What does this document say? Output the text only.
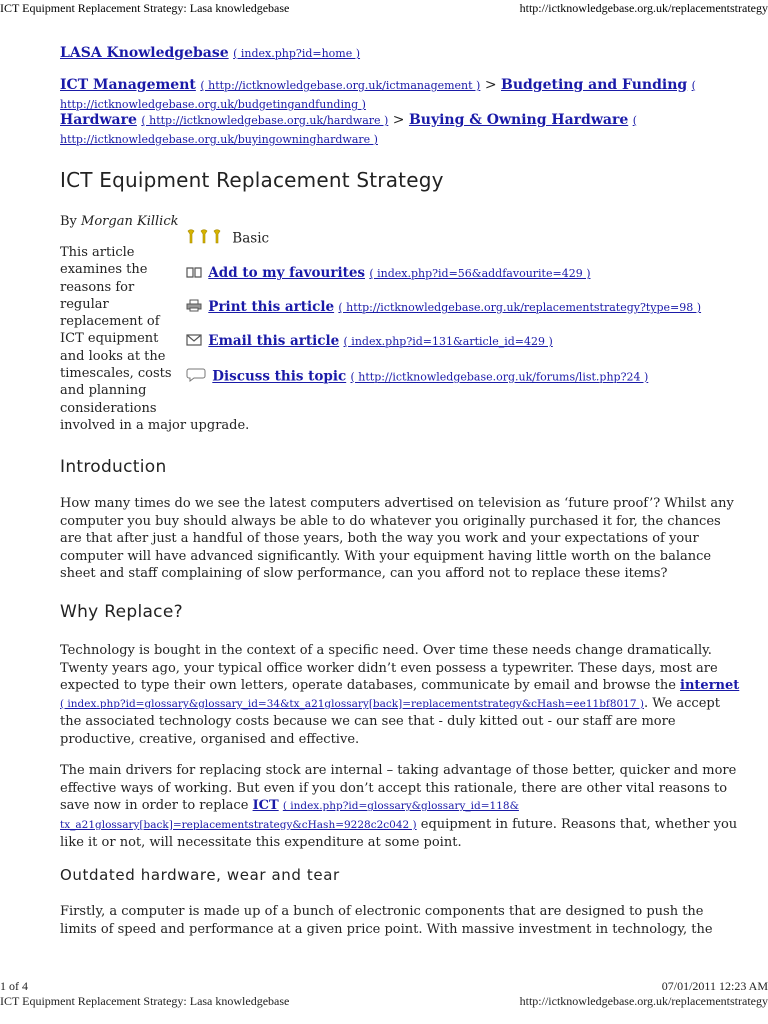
ICT Equipment Replacement Strategy: Lasa knowledgebase	http://ictknowledgebase.org.uk/replacementstrategy
LASA Knowledgebase ( index.php?id=home )
ICT Management ( http://ictknowledgebase.org.uk/ictmanagement ) > Budgeting and Funding (
http://ictknowledgebase.org.uk/budgetingandfunding )
Hardware ( http://ictknowledgebase.org.uk/hardware ) > Buying & Owning Hardware (
http://ictknowledgebase.org.uk/buyingowninghardware )
ICT Equipment Replacement Strategy
By Morgan Killick
This article examines the reasons for regular replacement of ICT equipment and looks at the timescales, costs and planning considerations
involved in a major upgrade.
Basic
Add to my favourites ( index.php?id=56&addfavourite=429 )
Print this article ( http://ictknowledgebase.org.uk/replacementstrategy?type=98 )
Email this article ( index.php?id=131&article_id=429 )
Discuss this topic ( http://ictknowledgebase.org.uk/forums/list.php?24 )
Introduction
How many times do we see the latest computers advertised on television as ‘future proof’? Whilst any computer you buy should always be able to do whatever you originally purchased it for, the chances are that after just a handful of those years, both the way you work and your expectations of your computer will have advanced significantly. With your equipment having little worth on the balance sheet and staff complaining of slow performance, can you afford not to replace these items?
Why Replace?
Technology is bought in the context of a specific need. Over time these needs change dramatically. Twenty years ago, your typical office worker didn’t even possess a typewriter. These days, most are expected to type their own letters, operate databases, communicate by email and browse the internet ( index.php?id=glossary&glossary_id=34&tx_a21glossary[back]=replacementstrategy&cHash=ee11bf8017 ). We accept the associated technology costs because we can see that - duly kitted out - our staff are more productive, creative, organised and effective.
The main drivers for replacing stock are internal – taking advantage of those better, quicker and more effective ways of working. But even if you don’t accept this rationale, there are other vital reasons to save now in order to replace ICT ( index.php?id=glossary&glossary_id=118& tx_a21glossary[back]=replacementstrategy&cHash=9228c2c042 ) equipment in future. Reasons that, whether you like it or not, will necessitate this expenditure at some point.
Outdated hardware, wear and tear
Firstly, a computer is made up of a bunch of electronic components that are designed to push the limits of speed and performance at a given price point. With massive investment in technology, the
1 of 4
ICT Equipment Replacement Strategy: Lasa knowledgebase
07/01/2011 12:23 AM
http://ictknowledgebase.org.uk/replacementstrategy
